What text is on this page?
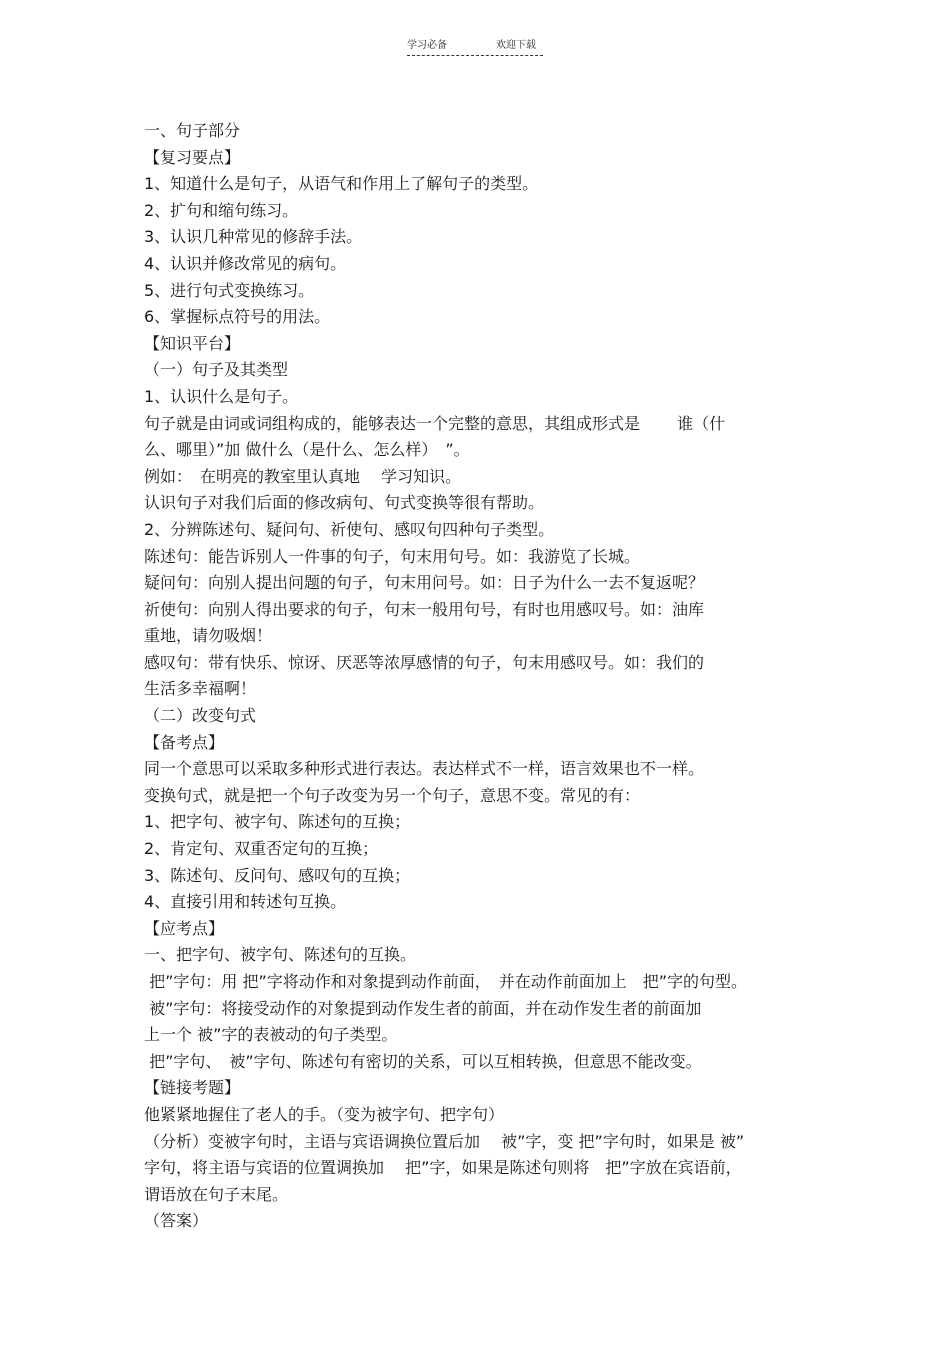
学习必备	欢迎下载
一、句子部分
【复习要点】
1、知道什么是句子，从语气和作用上了解句子的类型。
2、扩句和缩句练习。
3、认识几种常见的修辞手法。
4、认识并修改常见的病句。
5、进行句式变换练习。
6、掌握标点符号的用法。
【知识平台】
（一）句子及其类型
1、认识什么是句子。
句子就是由词或词组构成的，能够表达一个完整的意思，其组成形式是　　 谁（什
么、哪里）”加 做什么（是什么、怎么样）　”。
例如：　在明亮的教室里认真地　 学习知识。
认识句子对我们后面的修改病句、句式变换等很有帮助。
2、分辨陈述句、疑问句、祈使句、感叹句四种句子类型。
陈述句：能告诉别人一件事的句子，句末用句号。如：我游览了长城。
疑问句：向别人提出问题的句子，句末用问号。如：日子为什么一去不复返呢？
祈使句：向别人得出要求的句子，句末一般用句号，有时也用感叹号。如：油库
重地，请勿吸烟！
感叹句：带有快乐、惊讶、厌恶等浓厚感情的句子，句末用感叹号。如：我们的
生活多幸福啊！
（二）改变句式
【备考点】
同一个意思可以采取多种形式进行表达。表达样式不一样，语言效果也不一样。
变换句式，就是把一个句子改变为另一个句子，意思不变。常见的有：
1、把字句、被字句、陈述句的互换；
2、肯定句、双重否定句的互换；
3、陈述句、反问句、感叹句的互换；
4、直接引用和转述句互换。
【应考点】
一、把字句、被字句、陈述句的互换。
把”字句：用 把”字将动作和对象提到动作前面，　并在动作前面加上　把”字的句型。
被”字句：将接受动作的对象提到动作发生者的前面，并在动作发生者的前面加
上一个 被”字的表被动的句子类型。
把”字句、　被”字句、陈述句有密切的关系，可以互相转换，但意思不能改变。
【链接考题】
他紧紧地握住了老人的手。（变为被字句、把字句）
（分析）变被字句时，主语与宾语调换位置后加　 被”字，变 把”字句时，如果是 被”
字句，将主语与宾语的位置调换加　 把”字，如果是陈述句则将　把”字放在宾语前，
谓语放在句子末尾。
（答案）
